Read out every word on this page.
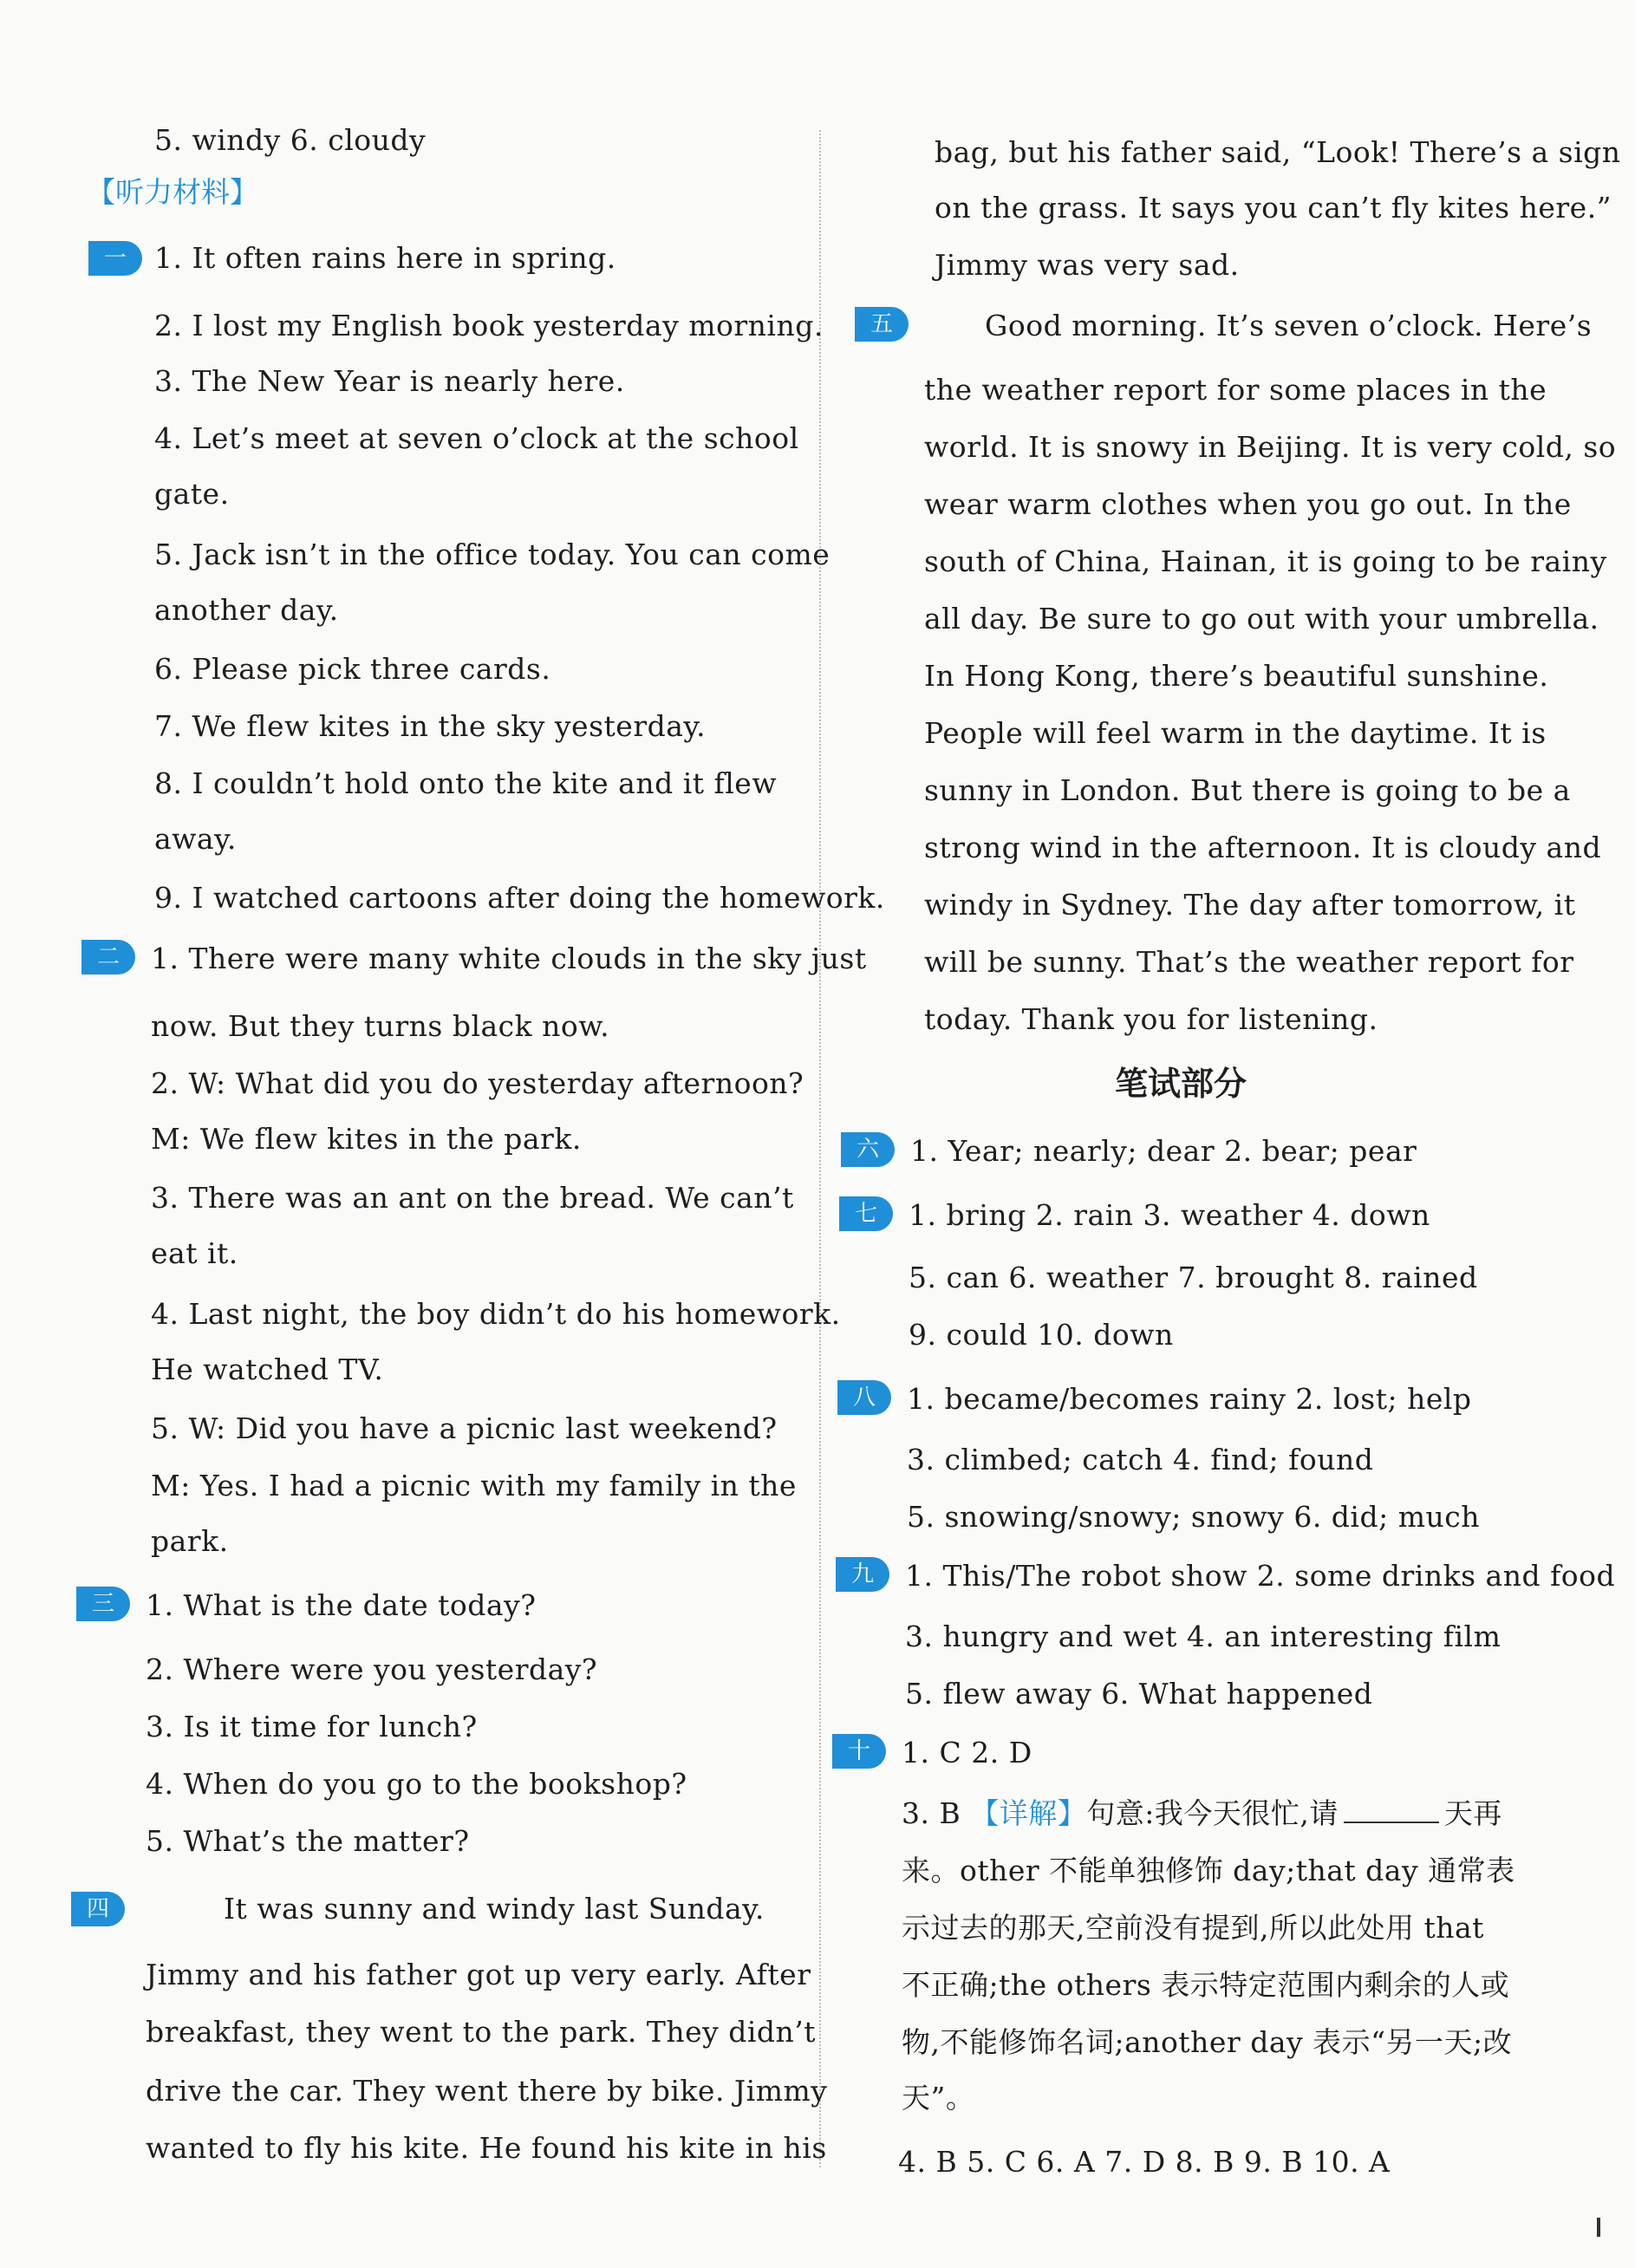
5. windy 6. cloudy
【听力材料】
一 1. It often rains here in spring.
2. I lost my English book yesterday morning.
3. The New Year is nearly here.
4. Let’s meet at seven o’clock at the school
gate.
5. Jack isn’t in the office today. You can come
another day.
6. Please pick three cards.
7. We flew kites in the sky yesterday.
8. I couldn’t hold onto the kite and it flew
away.
9. I watched cartoons after doing the homework.
二	1. There were many white clouds in the sky just
now. But they turns black now.
2. W: What did you do yesterday afternoon?
M: We flew kites in the park.
3. There was an ant on the bread. We can’t
eat it.
4. Last night, the boy didn’t do his homework.
He watched TV.
5. W: Did you have a picnic last weekend?
M: Yes. I had a picnic with my family in the
park.
三	1. What is the date today?
2. Where were you yesterday?
3. Is it time for lunch?
4. When do you go to the bookshop?
5. What’s the matter?
四	It was sunny and windy last Sunday.
Jimmy and his father got up very early. After
breakfast, they went to the park. They didn’t
drive the car. They went there by bike. Jimmy
wanted to fly his kite. He found his kite in his
bag, but his father said, “Look! There’s a sign
on the grass. It says you can’t fly kites here.”
Jimmy was very sad.
五	Good morning. It’s seven o’clock. Here’s
the weather report for some places in the
world. It is snowy in Beijing. It is very cold, so
wear warm clothes when you go out. In the
south of China, Hainan, it is going to be rainy
all day. Be sure to go out with your umbrella.
In Hong Kong, there’s beautiful sunshine.
People will feel warm in the daytime. It is
sunny in London. But there is going to be a
strong wind in the afternoon. It is cloudy and
windy in Sydney. The day after tomorrow, it
will be sunny. That’s the weather report for
today. Thank you for listening.
笔试部分
六	1. Year; nearly; dear 2. bear; pear
七	1. bring 2. rain 3. weather 4. down
5. can 6. weather 7. brought 8. rained
9. could 10. down
八	1. became/becomes rainy 2. lost; help
3. climbed; catch 4. find; found
5. snowing/snowy; snowy 6. did; much
九	1. This/The robot show 2. some drinks and food
3. hungry and wet 4. an interesting film
5. flew away 6. What happened
十	1. C 2. D
3. B 【详解】句意:我今天很忙,请	天再
来。other 不能单独修饰 day;that day 通常表
示过去的那天,空前没有提到,所以此处用 that
不正确;the others 表示特定范围内剩余的人或
物,不能修饰名词;another day 表示“另一天;改
天”。
4. B 5. C 6. A 7. D 8. B 9. B 10. A
